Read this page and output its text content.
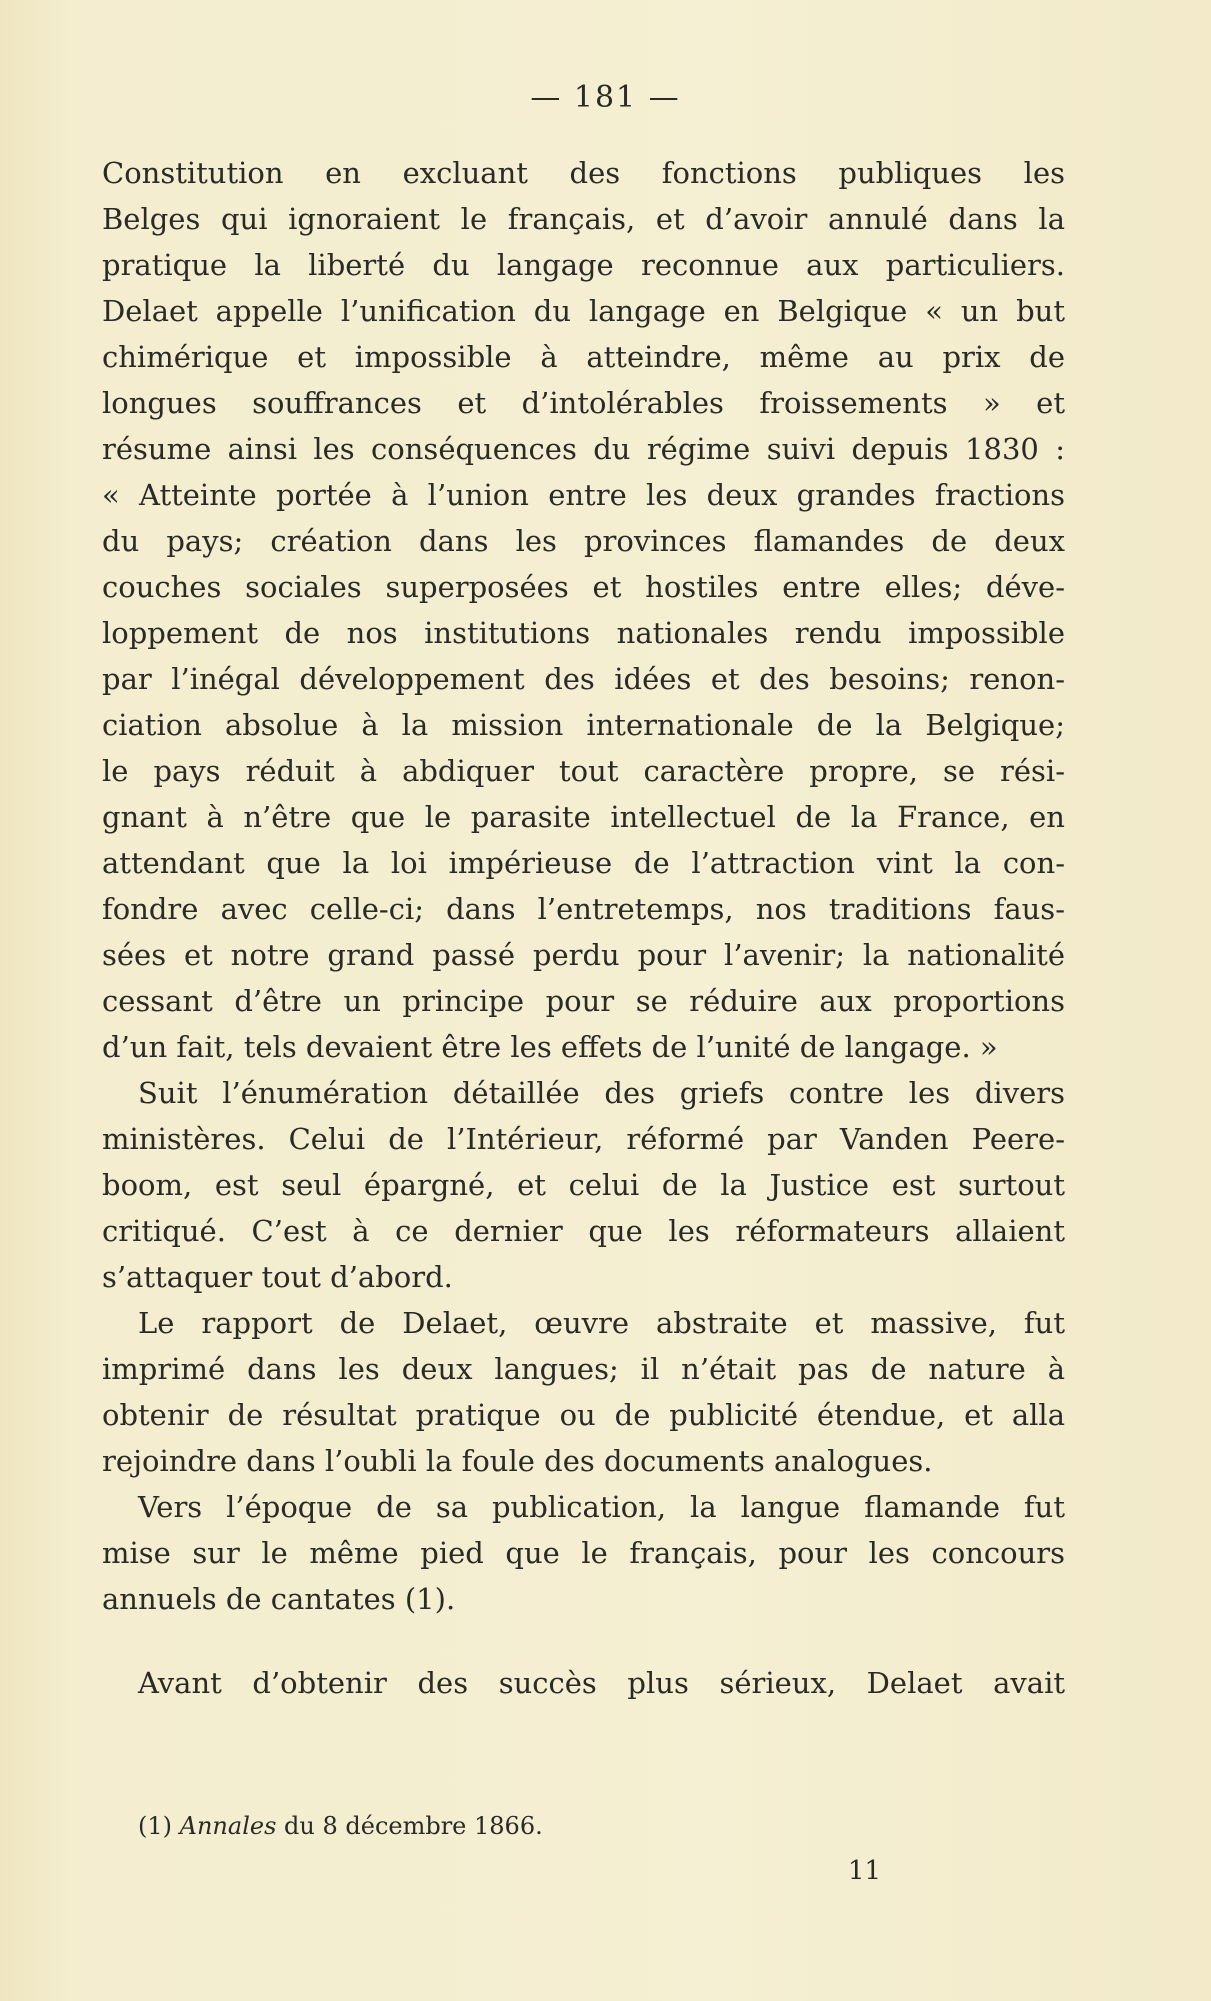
— 181 —
Constitution en excluant des fonctions publiques les
Belges qui ignoraient le français, et d’avoir annulé dans la
pratique la liberté du langage reconnue aux particuliers.
Delaet appelle l’unification du langage en Belgique « un but
chimérique et impossible à atteindre, même au prix de
longues souffrances et d’intolérables froissements » et
résume ainsi les conséquences du régime suivi depuis 1830 :
« Atteinte portée à l’union entre les deux grandes fractions
du pays; création dans les provinces flamandes de deux
couches sociales superposées et hostiles entre elles; déve-
loppement de nos institutions nationales rendu impossible
par l’inégal développement des idées et des besoins; renon-
ciation absolue à la mission internationale de la Belgique;
le pays réduit à abdiquer tout caractère propre, se rési-
gnant à n’être que le parasite intellectuel de la France, en
attendant que la loi impérieuse de l’attraction vint la con-
fondre avec celle-ci; dans l’entretemps, nos traditions faus-
sées et notre grand passé perdu pour l’avenir; la nationalité
cessant d’être un principe pour se réduire aux proportions
d’un fait, tels devaient être les effets de l’unité de langage. »
Suit l’énumération détaillée des griefs contre les divers
ministères. Celui de l’Intérieur, réformé par Vanden Peere-
boom, est seul épargné, et celui de la Justice est surtout
critiqué. C’est à ce dernier que les réformateurs allaient
s’attaquer tout d’abord.
Le rapport de Delaet, œuvre abstraite et massive, fut
imprimé dans les deux langues; il n’était pas de nature à
obtenir de résultat pratique ou de publicité étendue, et alla
rejoindre dans l’oubli la foule des documents analogues.
Vers l’époque de sa publication, la langue flamande fut
mise sur le même pied que le français, pour les concours
annuels de cantates (1).
Avant d’obtenir des succès plus sérieux, Delaet avait
(1) Annales du 8 décembre 1866.
11
